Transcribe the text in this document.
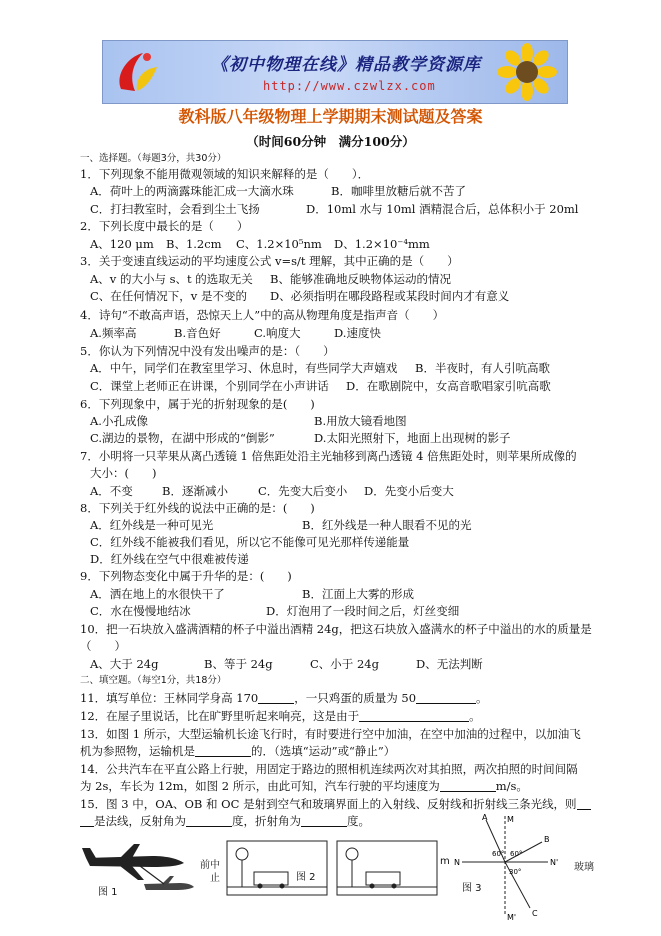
《初中物理在线》精品教学资源库
http://www.czwlzx.com
教科版八年级物理上学期期末测试题及答案
（时间60分钟　满分100分）
一、选择题。（每题3分，共30分）
1．下列现象不能用微观领域的知识来解释的是（　　）．
A．荷叶上的两滴露珠能汇成一大滴水珠	B．咖啡里放糖后就不苦了
C．打扫教室时，会看到尘土飞扬	D．10ml 水与 10ml 酒精混合后，总体积小于 20ml
2．下列长度中最长的是（　　）
A、120 μm B、1.2cm C、1.2×10⁵nm D、1.2×10⁻⁴mm
3．关于变速直线运动的平均速度公式 v=s/t 理解，其中正确的是（　　）
A、v 的大小与 s、t 的选取无关 B、能够准确地反映物体运动的情况
C、在任何情况下，v 是不变的 D、必须指明在哪段路程或某段时间内才有意义
4．诗句“不敢高声语，恐惊天上人”中的高从物理角度是指声音（　　）
A.频率高	B.音色好	C.响度大	D.速度快
5．你认为下列情况中没有发出噪声的是：（　　）
A．中午，同学们在教室里学习、休息时，有些同学大声嬉戏 B．半夜时，有人引吭高歌
C．课堂上老师正在讲课，个别同学在小声讲话 D．在歌剧院中，女高音歌唱家引吭高歌
6．下列现象中，属于光的折射现象的是(　　)
A.小孔成像	B.用放大镜看地图
C.湖边的景物，在湖中形成的“倒影”	D.太阳光照射下，地面上出现树的影子
7．小明将一只苹果从离凸透镜 1 倍焦距处沿主光轴移到离凸透镜 4 倍焦距处时，则苹果所成像的
大小：(　　)
A．不变	B．逐渐减小	C．先变大后变小 D．先变小后变大
8．下列关于红外线的说法中正确的是：(　　)
A．红外线是一种可见光	B．红外线是一种人眼看不见的光
C．红外线不能被我们看见，所以它不能像可见光那样传递能量
D．红外线在空气中很难被传递
9．下列物态变化中属于升华的是：(　　)
A．洒在地上的水很快干了	B．江面上大雾的形成
C．水在慢慢地结冰	D．灯泡用了一段时间之后，灯丝变细
10．把一石块放入盛满酒精的杯子中溢出酒精 24g，把这石块放入盛满水的杯子中溢出的水的质量是
（　　）
A、大于 24g	B、等于 24g	C、小于 24g	D、无法判断
二、填空题。（每空1分，共18分）
11．填写单位：王林同学身高 170	，一只鸡蛋的质量为 50	。
12．在屋子里说话，比在旷野里听起来响亮，这是由于	。
13．如图 1 所示，大型运输机长途飞行时，有时要进行空中加油，在空中加油的过程中，以加油飞
机为参照物，运输机是	的．（选填“运动”或“静止”）
14．公共汽车在平直公路上行驶，用固定于路边的照相机连续两次对其拍照，两次拍照的时间间隔
为 2s，车长为 12m，如图 2 所示，由此可知，汽车行驶的平均速度为	m/s。
15．图 3 中，OA、OB 和 OC 是射到空气和玻璃界面上的入射线、反射线和折射线三条光线，则
是法线，反射角为	度，折射角为	度。
图 1
前中
止	图 2
m
A
B
C
M
N	N'
M'
60° 60°
30°	玻璃
图 3
